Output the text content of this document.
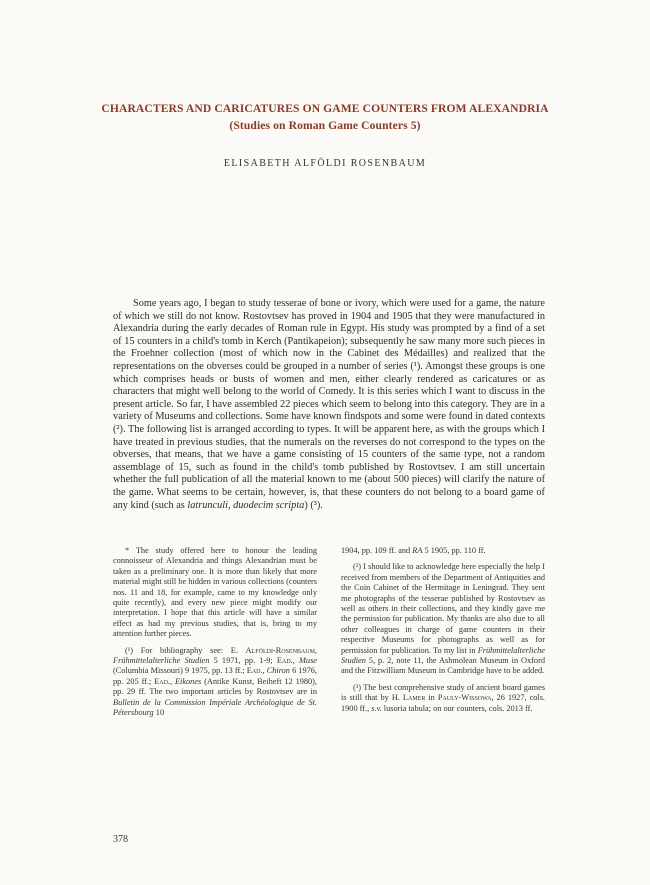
CHARACTERS AND CARICATURES ON GAME COUNTERS FROM ALEXANDRIA
(Studies on Roman Game Counters 5)
ELISABETH ALFÖLDI ROSENBAUM

Some years ago, I began to study tesserae of bone or ivory, which were used for a game, the nature of which we still do not know. Rostovtsev has proved in 1904 and 1905 that they were manufactured in Alexandria during the early decades of Roman rule in Egypt. His study was prompted by a find of a set of 15 counters in a child's tomb in Kerch (Pantikapeion); subsequently he saw many more such pieces in the Froehner collection (most of which now in the Cabinet des Médailles) and realized that the representations on the obverses could be grouped in a number of series (¹). Amongst these groups is one which comprises heads or busts of women and men, either clearly rendered as caricatures or as characters that might well belong to the world of Comedy. It is this series which I want to discuss in the present article. So far, I have assembled 22 pieces which seem to belong into this category. They are in a variety of Museums and collections. Some have known findspots and some were found in dated contexts (²). The following list is arranged according to types. It will be apparent here, as with the groups which I have treated in previous studies, that the numerals on the reverses do not correspond to the types on the obverses, that means, that we have a game consisting of 15 counters of the same type, not a random assemblage of 15, such as found in the child's tomb published by Rostovtsev. I am still uncertain whether the full publication of all the material known to me (about 500 pieces) will clarify the nature of the game. What seems to be certain, however, is, that these counters do not belong to a board game of any kind (such as latrunculi, duodecim scripta) (³).

* The study offered here to honour the leading connoisseur of Alexandria and things Alexandrian must be taken as a preliminary one. It is more than likely that more material might still be hidden in various collections (counters nos. 11 and 18, for example, came to my knowledge only quite recently), and every new piece might modify our interpretation. I hope that this article will have a similar effect as had my previous studies, that is, bring to my attention further pieces.

(¹) For bibliography see: E. Alföldi-Rosenbaum, Frühmittelalterliche Studien 5 1971, pp. 1-9; Ead., Muse (Columbia Missouri) 9 1975, pp. 13 ff.; Ead., Chiron 6 1976, pp. 205 ff.; Ead., Eikones (Antike Kunst, Beiheft 12 1980), pp. 29 ff. The two important articles by Rostovtsev are in Bulletin de la Commission Impériale Archéologique de St. Pétersbourg 10

1904, pp. 109 ff. and RA 5 1905, pp. 110 ff.

(²) I should like to acknowledge here especially the help I received from members of the Department of Antiquities and the Coin Cabinet of the Hermitage in Leningrad. They sent me photographs of the tesserae published by Rostovtsev as well as others in their collections, and they kindly gave me the permission for publication. My thanks are also due to all other colleagues in charge of game counters in their respective Museums for photographs as well as for permission for publication. To my list in Frühmittelalterliche Studien 5, p. 2, note 11, the Ashmolean Museum in Oxford and the Fitzwilliam Museum in Cambridge have to be added.

(³) The best comprehensive study of ancient board games is still that by H. Lamer in Pauly-Wissowa, 26 1927, cols. 1900 ff., s.v. lusoria tabula; on our counters, cols. 2013 ff.

378
